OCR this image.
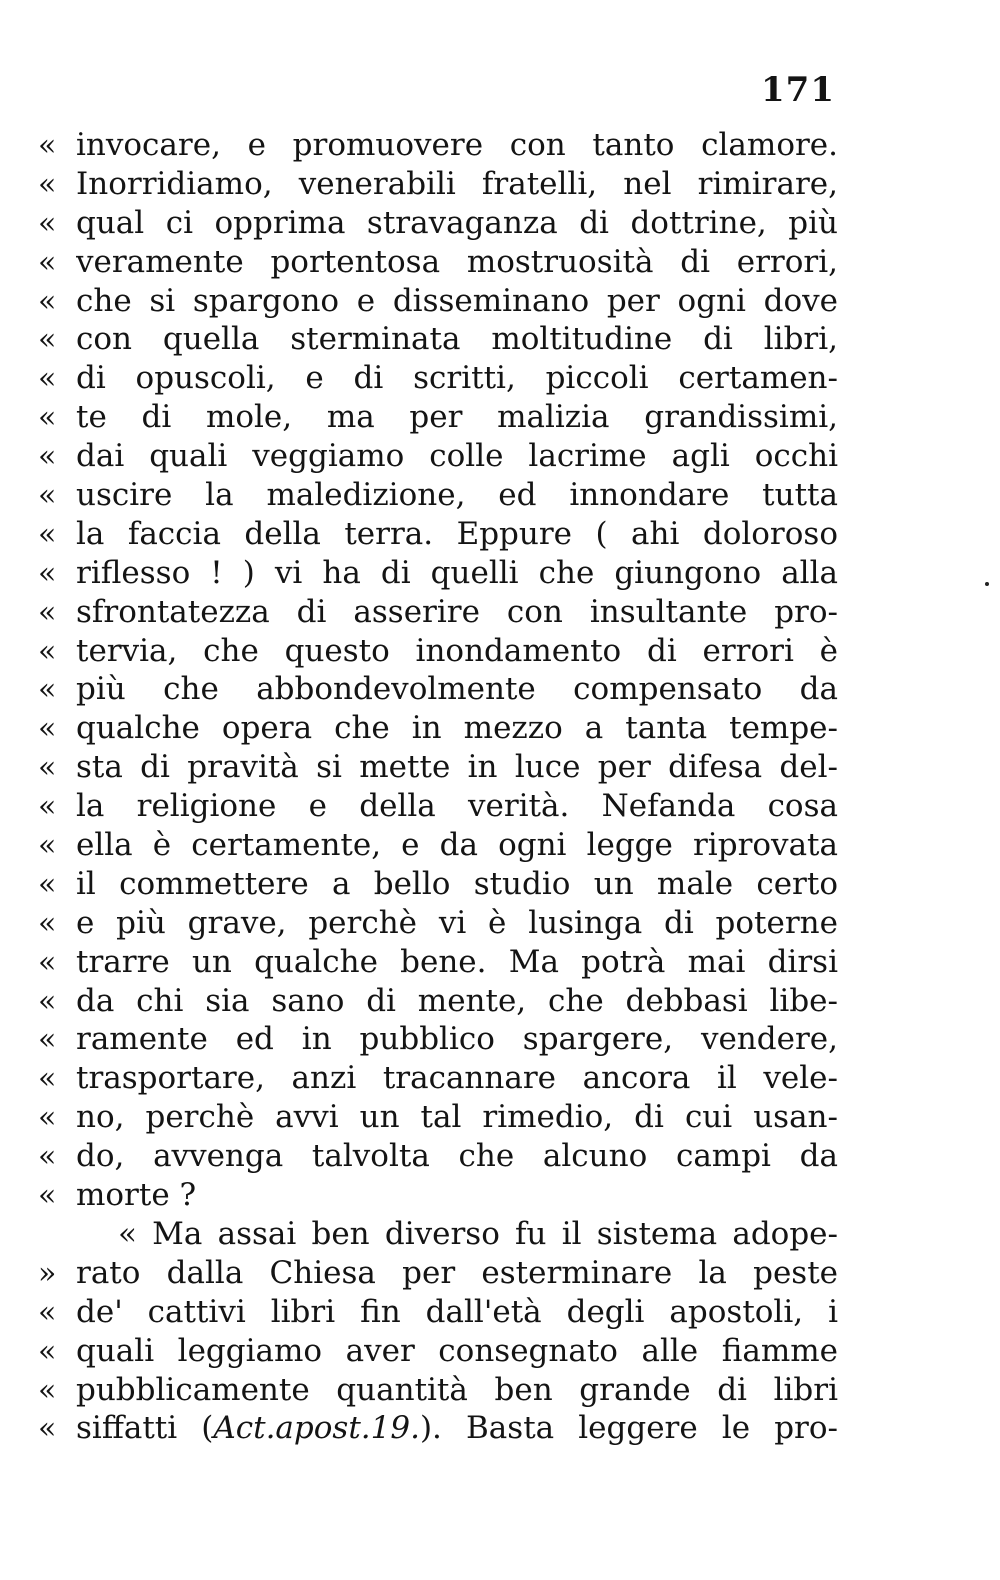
171
« invocare, e promuovere con tanto clamore.
« Inorridiamo, venerabili fratelli, nel rimirare,
« qual ci opprima stravaganza di dottrine, più
« veramente portentosa mostruosità di errori,
« che si spargono e disseminano per ogni dove
« con quella sterminata moltitudine di libri,
« di opuscoli, e di scritti, piccoli certamen-
« te di mole, ma per malizia grandissimi,
« dai quali veggiamo colle lacrime agli occhi
« uscire la maledizione, ed innondare tutta
« la faccia della terra. Eppure ( ahi doloroso
« riflesso ! ) vi ha di quelli che giungono alla
« sfrontatezza di asserire con insultante pro-
« tervia, che questo inondamento di errori è
« più che abbondevolmente compensato da
« qualche opera che in mezzo a tanta tempe-
« sta di pravità si mette in luce per difesa del-
« la religione e della verità. Nefanda cosa
« ella è certamente, e da ogni legge riprovata
« il commettere a bello studio un male certo
« e più grave, perchè vi è lusinga di poterne
« trarre un qualche bene. Ma potrà mai dirsi
« da chi sia sano di mente, che debbasi libe-
« ramente ed in pubblico spargere, vendere,
« trasportare, anzi tracannare ancora il vele-
« no, perchè avvi un tal rimedio, di cui usan-
« do, avvenga talvolta che alcuno campi da
« morte ?
« Ma assai ben diverso fu il sistema adope-
» rato dalla Chiesa per esterminare la peste
« de' cattivi libri fin dall'età degli apostoli, i
« quali leggiamo aver consegnato alle fiamme
« pubblicamente quantità ben grande di libri
« siffatti (Act.apost.19.). Basta leggere le pro-
